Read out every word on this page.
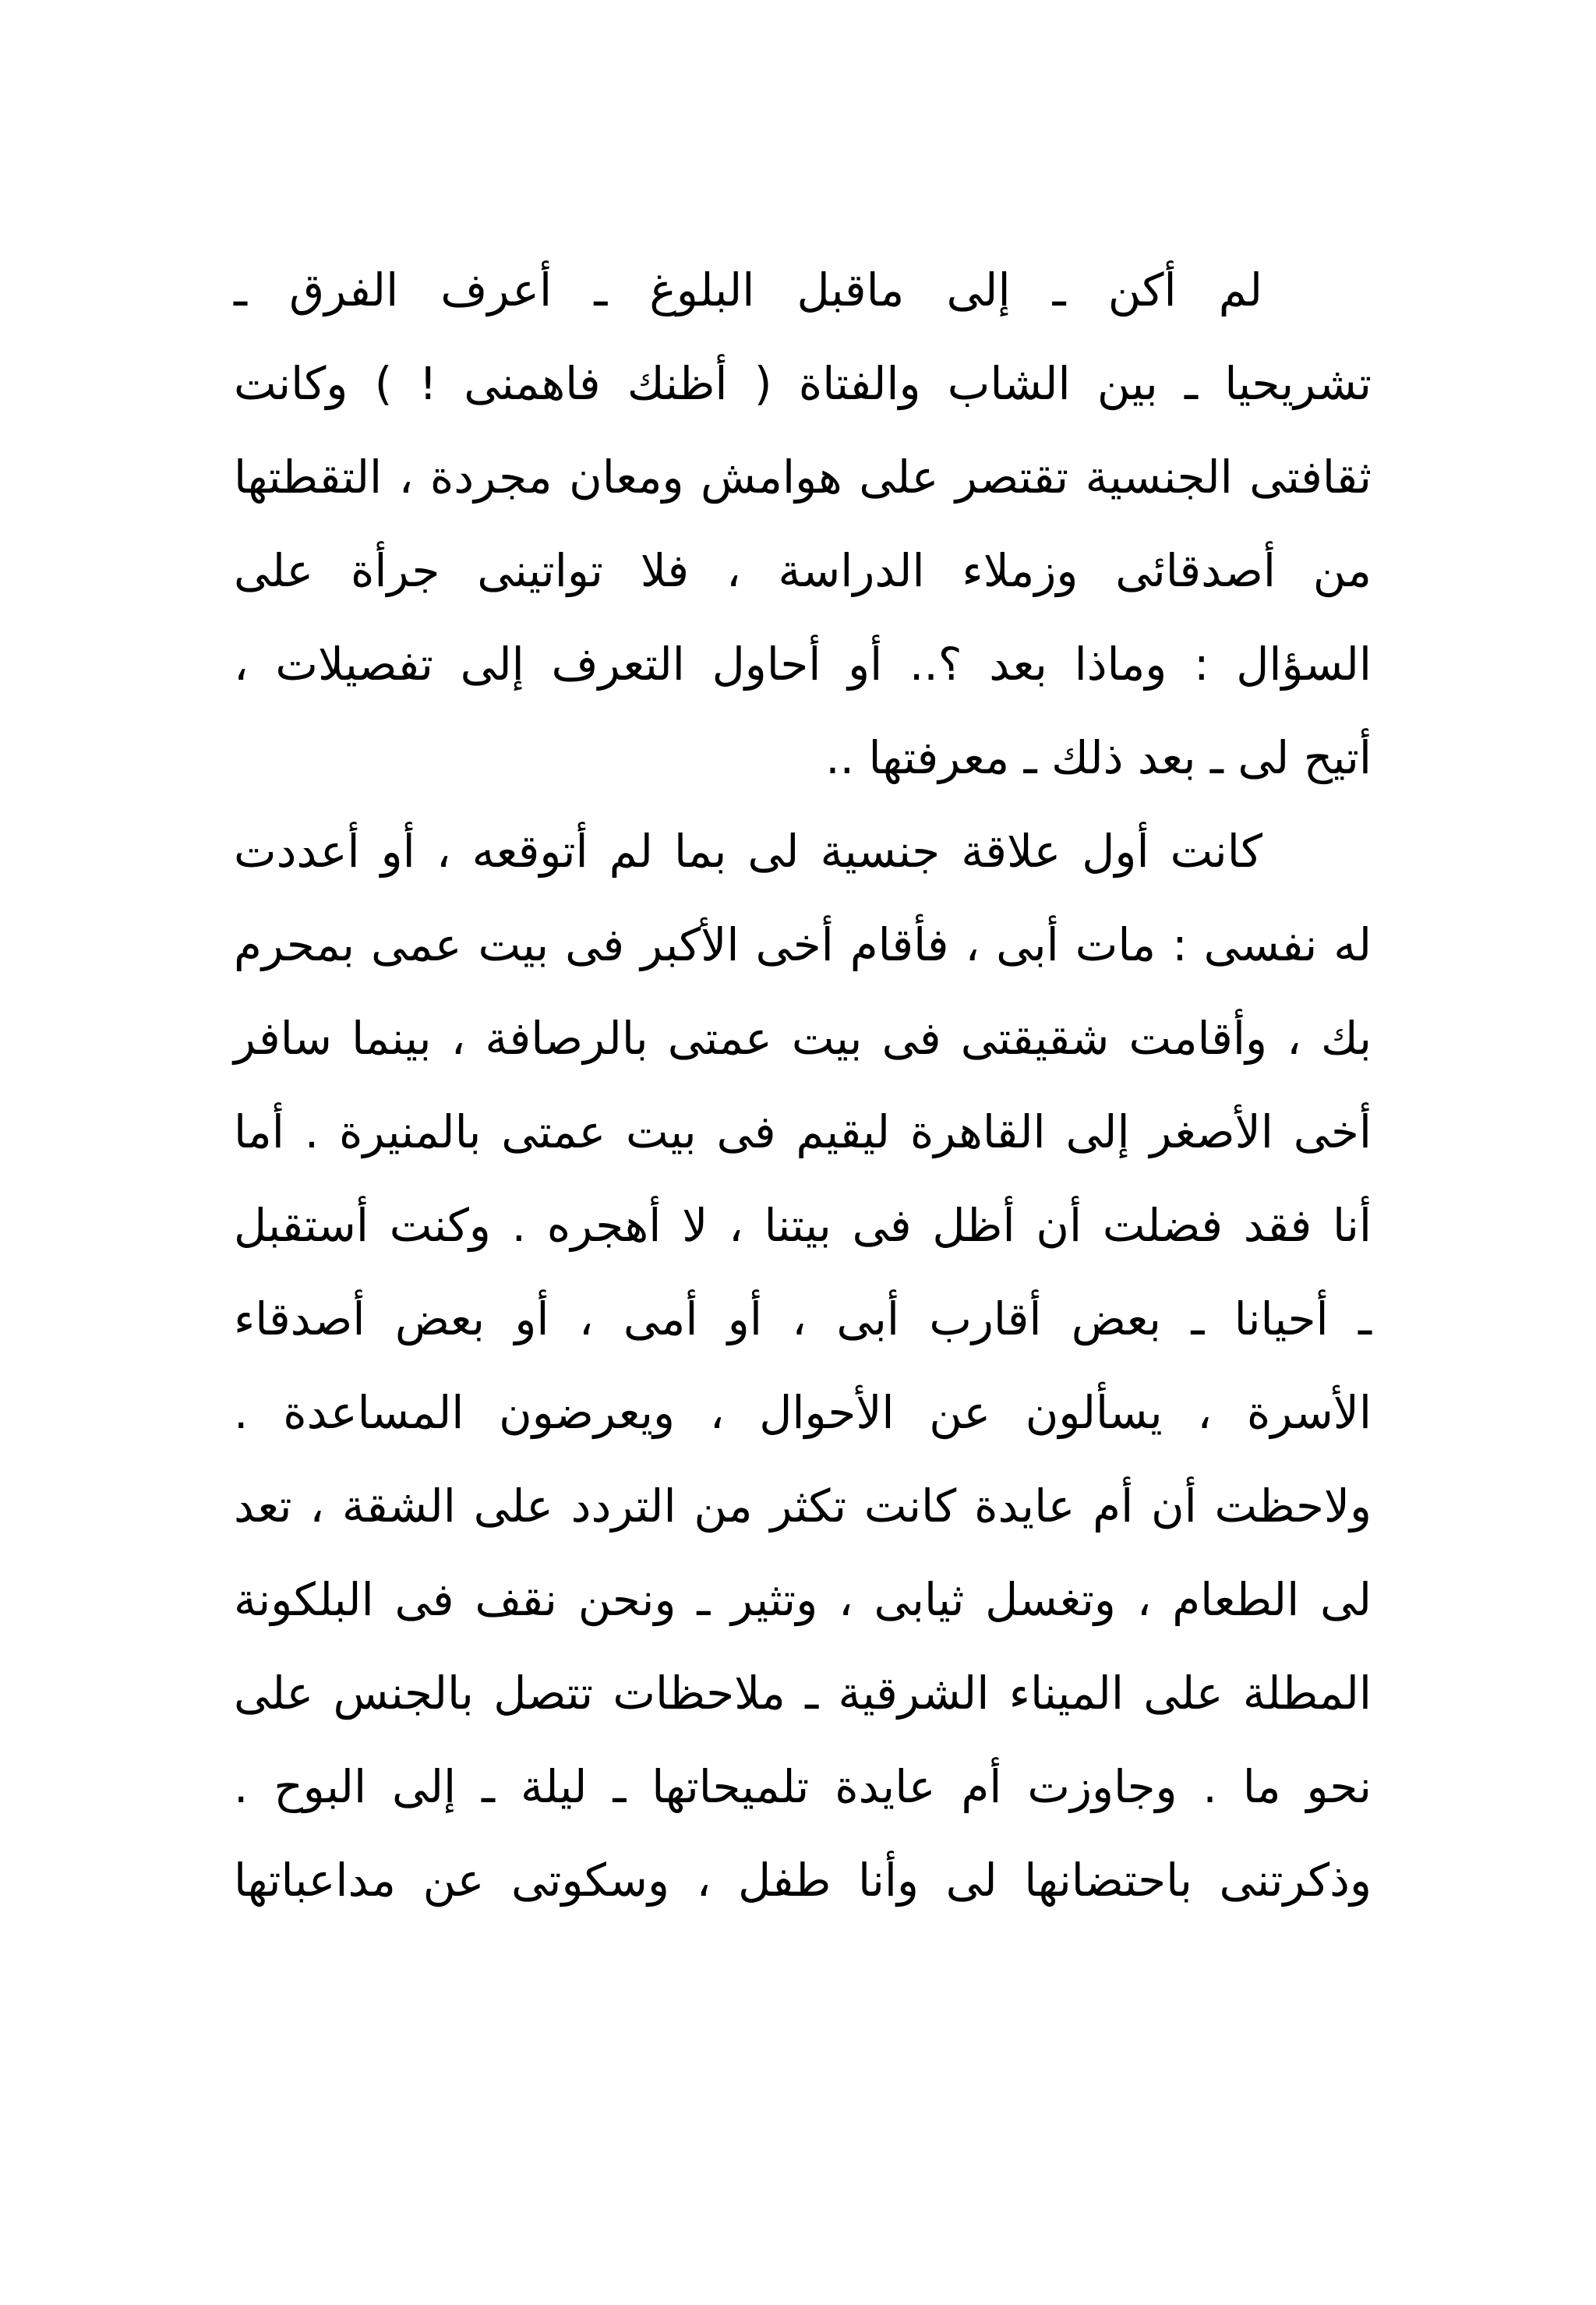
لم أكن ـ إلى ماقبل البلوغ ـ أعرف الفرق ـ
تشريحيا ـ بين الشاب والفتاة ( أظنك فاهمنى ! ) وكانت
ثقافتى الجنسية تقتصر على هوامش ومعان مجردة ، التقطتها
من أصدقائى وزملاء الدراسة ، فلا تواتينى جرأة على
السؤال : وماذا بعد ؟.. أو أحاول التعرف إلى تفصيلات ،
أتيح لى ـ بعد ذلك ـ معرفتها ..
كانت أول علاقة جنسية لى بما لم أتوقعه ، أو أعددت
له نفسى : مات أبى ، فأقام أخى الأكبر فى بيت عمى بمحرم
بك ، وأقامت شقيقتى فى بيت عمتى بالرصافة ، بينما سافر
أخى الأصغر إلى القاهرة ليقيم فى بيت عمتى بالمنيرة . أما
أنا فقد فضلت أن أظل فى بيتنا ، لا أهجره . وكنت أستقبل
ـ أحيانا ـ بعض أقارب أبى ، أو أمى ، أو بعض أصدقاء
الأسرة ، يسألون عن الأحوال ، ويعرضون المساعدة .
ولاحظت أن أم عايدة كانت تكثر من التردد على الشقة ، تعد
لى الطعام ، وتغسل ثيابى ، وتثير ـ ونحن نقف فى البلكونة
المطلة على الميناء الشرقية ـ ملاحظات تتصل بالجنس على
نحو ما . وجاوزت أم عايدة تلميحاتها ـ ليلة ـ إلى البوح .
وذكرتنى باحتضانها لى وأنا طفل ، وسكوتى عن مداعباتها
